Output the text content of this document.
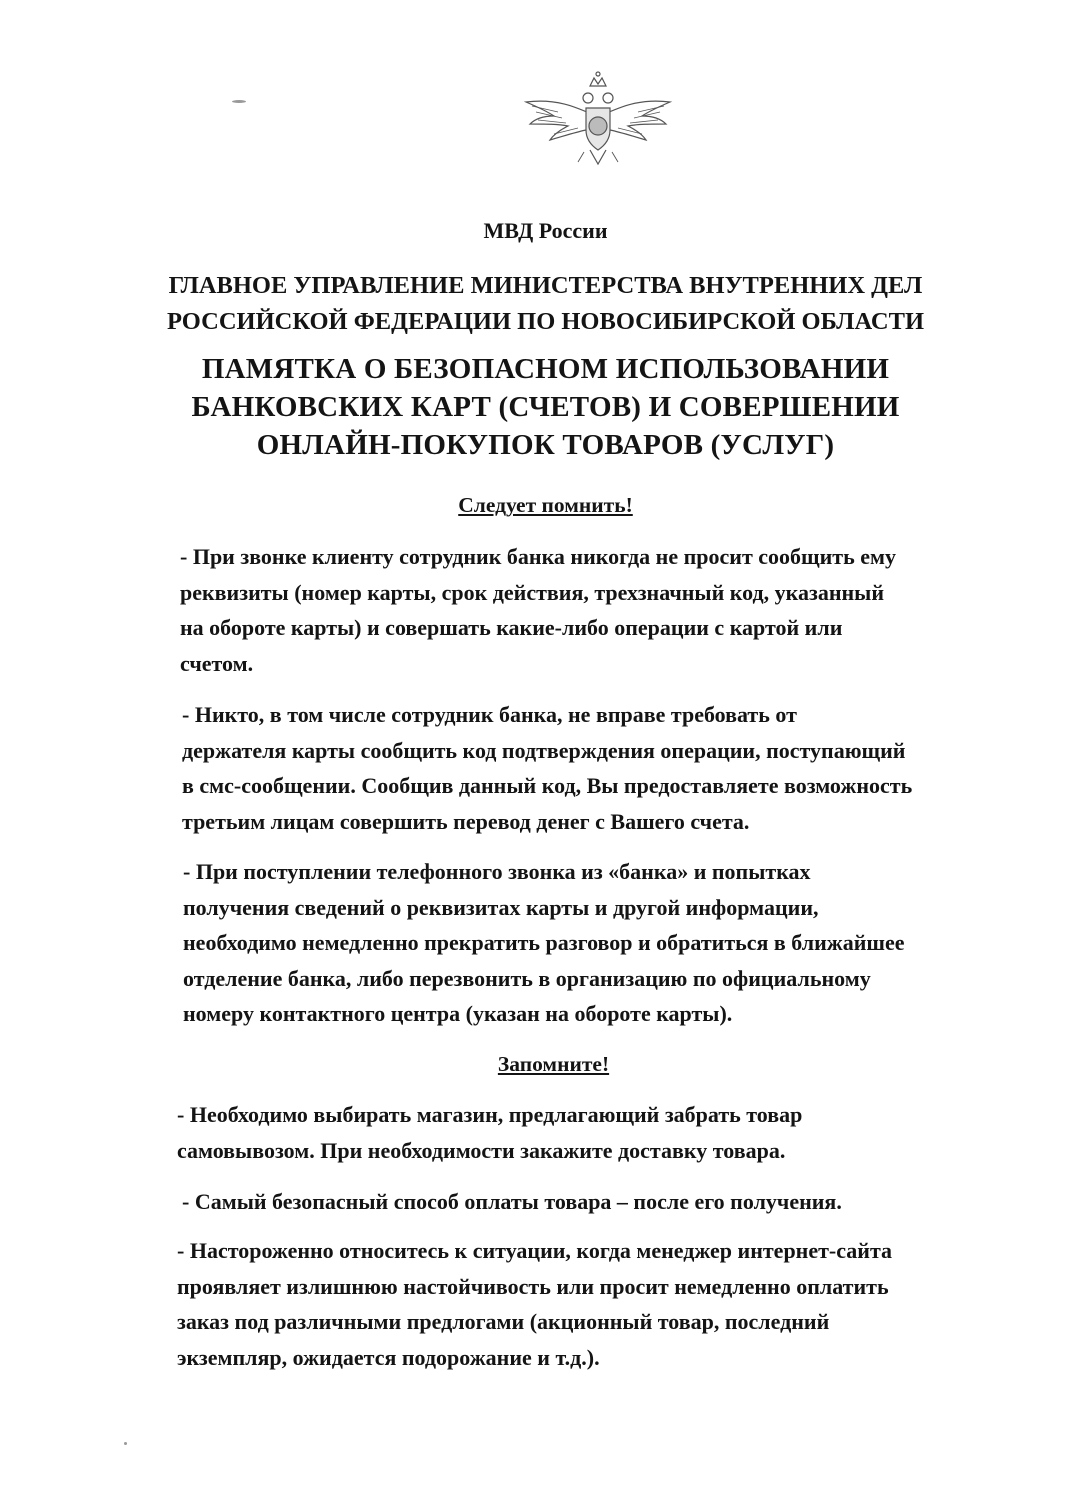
МВД России
ГЛАВНОЕ УПРАВЛЕНИЕ МИНИСТЕРСТВА ВНУТРЕННИХ ДЕЛ
РОССИЙСКОЙ ФЕДЕРАЦИИ ПО НОВОСИБИРСКОЙ ОБЛАСТИ
ПАМЯТКА О БЕЗОПАСНОМ ИСПОЛЬЗОВАНИИ
БАНКОВСКИХ КАРТ (СЧЕТОВ) И СОВЕРШЕНИИ
ОНЛАЙН-ПОКУПОК ТОВАРОВ (УСЛУГ)
Следует помнить!

- При звонке клиенту сотрудник банка никогда не просит сообщить ему
реквизиты (номер карты, срок действия, трехзначный код, указанный
на обороте карты) и совершать какие-либо операции с картой или
счетом.

- Никто, в том числе сотрудник банка, не вправе требовать от
держателя карты сообщить код подтверждения операции, поступающий
в смс-сообщении. Сообщив данный код, Вы предоставляете возможность
третьим лицам совершить перевод денег с Вашего счета.

- При поступлении телефонного звонка из «банка» и попытках
получения сведений о реквизитах карты и другой информации,
необходимо немедленно прекратить разговор и обратиться в ближайшее
отделение банка, либо перезвонить в организацию по официальному
номеру контактного центра (указан на обороте карты).

Запомните!

- Необходимо выбирать магазин, предлагающий забрать товар
самовывозом. При необходимости закажите доставку товара.

- Самый безопасный способ оплаты товара – после его получения.

- Настороженно относитесь к ситуации, когда менеджер интернет-сайта
проявляет излишнюю настойчивость или просит немедленно оплатить
заказ под различными предлогами (акционный товар, последний
экземпляр, ожидается подорожание и т.д.).
